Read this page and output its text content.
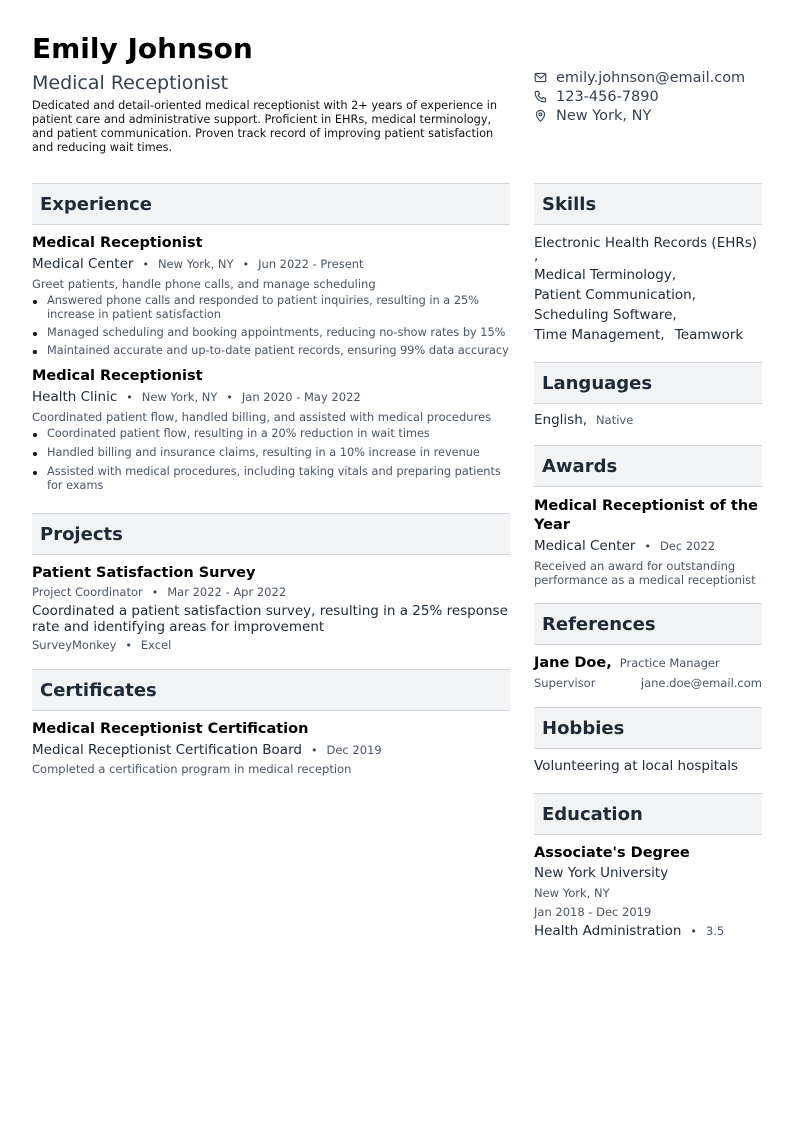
Emily Johnson
Medical Receptionist
Dedicated and detail-oriented medical receptionist with 2+ years of experience in patient care and administrative support. Proficient in EHRs, medical terminology, and patient communication. Proven track record of improving patient satisfaction and reducing wait times.
emily.johnson@email.com
123-456-7890
New York, NY
Experience
Medical Receptionist
Medical Center • New York, NY • Jun 2022 - Present
Greet patients, handle phone calls, and manage scheduling
Answered phone calls and responded to patient inquiries, resulting in a 25% increase in patient satisfaction
Managed scheduling and booking appointments, reducing no-show rates by 15%
Maintained accurate and up-to-date patient records, ensuring 99% data accuracy
Medical Receptionist
Health Clinic • New York, NY • Jan 2020 - May 2022
Coordinated patient flow, handled billing, and assisted with medical procedures
Coordinated patient flow, resulting in a 20% reduction in wait times
Handled billing and insurance claims, resulting in a 10% increase in revenue
Assisted with medical procedures, including taking vitals and preparing patients for exams
Projects
Patient Satisfaction Survey
Project Coordinator • Mar 2022 - Apr 2022
Coordinated a patient satisfaction survey, resulting in a 25% response rate and identifying areas for improvement
SurveyMonkey • Excel
Certificates
Medical Receptionist Certification
Medical Receptionist Certification Board • Dec 2019
Completed a certification program in medical reception
Skills
Electronic Health Records (EHRs)
,
Medical Terminology,
Patient Communication,
Scheduling Software,
Time Management, Teamwork
Languages
English, Native
Awards
Medical Receptionist of the Year
Medical Center • Dec 2022
Received an award for outstanding performance as a medical receptionist
References
Jane Doe, Practice Manager
Supervisor	jane.doe@email.com
Hobbies
Volunteering at local hospitals
Education
Associate's Degree
New York University
New York, NY
Jan 2018 - Dec 2019
Health Administration • 3.5
